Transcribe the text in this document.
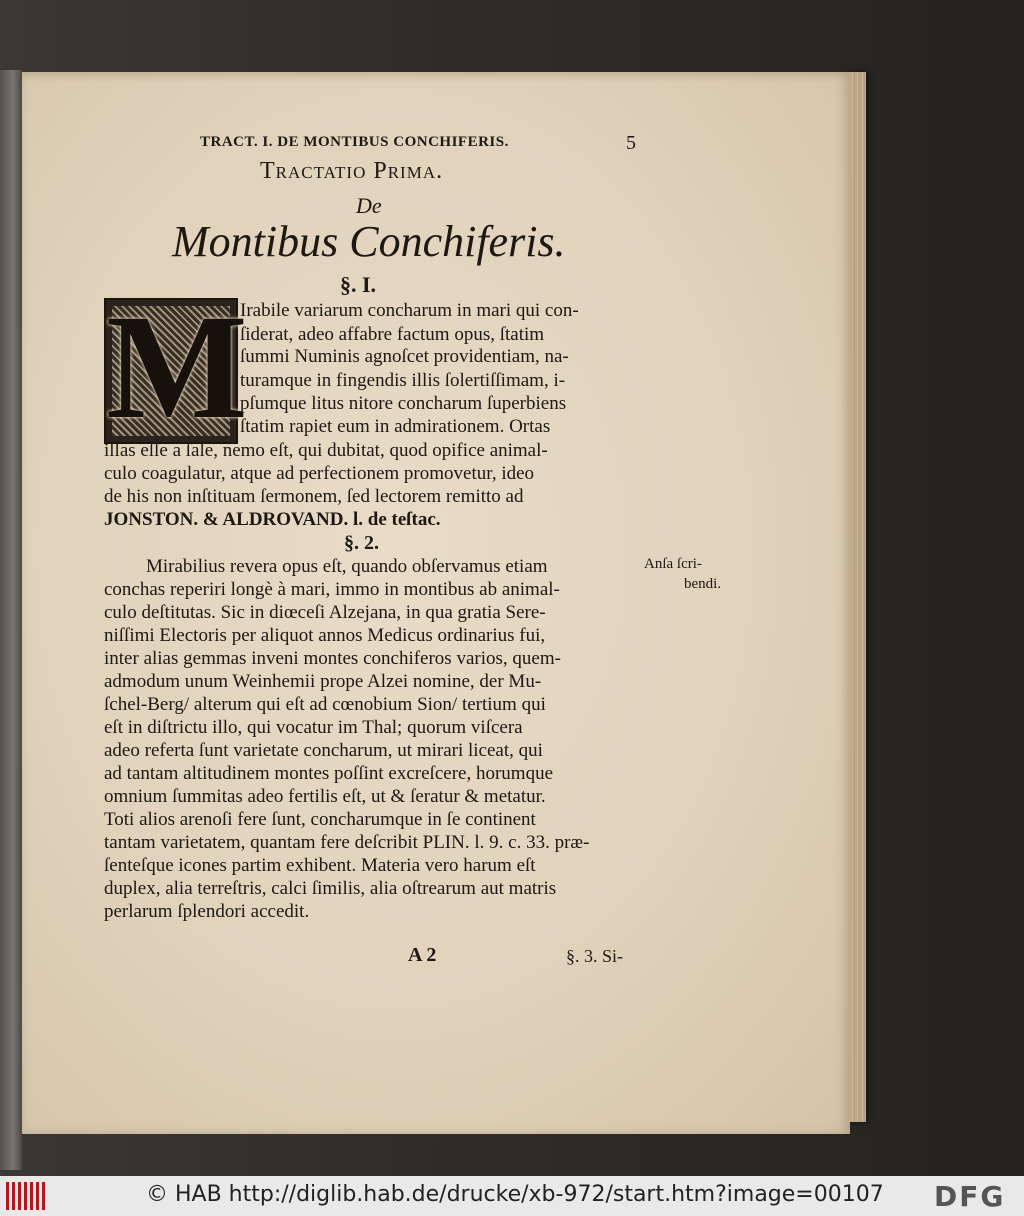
TRACT. I. DE MONTIBUS CONCHIFERIS.	5
Tractatio Prima.
De
Montibus Conchiferis.
§. I.
M
Irabile variarum concharum in mari qui con-
ſiderat, adeo affabre factum opus, ſtatim
ſummi Numinis agnoſcet providentiam, na-
turamque in fingendis illis ſolertiſſimam, i-
pſumque litus nitore concharum ſuperbiens
ſtatim rapiet eum in admirationem. Ortas
illas eſſe a ſale, nemo eſt, qui dubitat, quod opifice animal-
culo coagulatur, atque ad perfectionem promovetur, ideo
de his non inſtituam ſermonem, ſed lectorem remitto ad
JONSTON. & ALDROVAND. l. de teſtac.
§. 2.
Mirabilius revera opus eſt, quando obſervamus etiam
conchas reperiri longè à mari, immo in montibus ab animal-
culo deſtitutas. Sic in diœceſi Alzejana, in qua gratia Sere-
niſſimi Electoris per aliquot annos Medicus ordinarius fui,
inter alias gemmas inveni montes conchiferos varios, quem-
admodum unum Weinhemii prope Alzei nomine, der Mu-
ſchel-Berg/ alterum qui eſt ad cœnobium Sion/ tertium qui
eſt in diſtrictu illo, qui vocatur im Thal; quorum viſcera
adeo referta ſunt varietate concharum, ut mirari liceat, qui
ad tantam altitudinem montes poſſint excreſcere, horumque
omnium ſummitas adeo fertilis eſt, ut & ſeratur & metatur.
Toti alios arenoſi fere ſunt, concharumque in ſe continent
tantam varietatem, quantam fere deſcribit PLIN. l. 9. c. 33. præ-
ſenteſque icones partim exhibent. Materia vero harum eſt
duplex, alia terreſtris, calci ſimilis, alia oſtrearum aut matris
perlarum ſplendori accedit.
Anſa ſcri-
bendi.
A 2	§. 3. Si-
© HAB http://diglib.hab.de/drucke/xb-972/start.htm?image=00107 DFG
